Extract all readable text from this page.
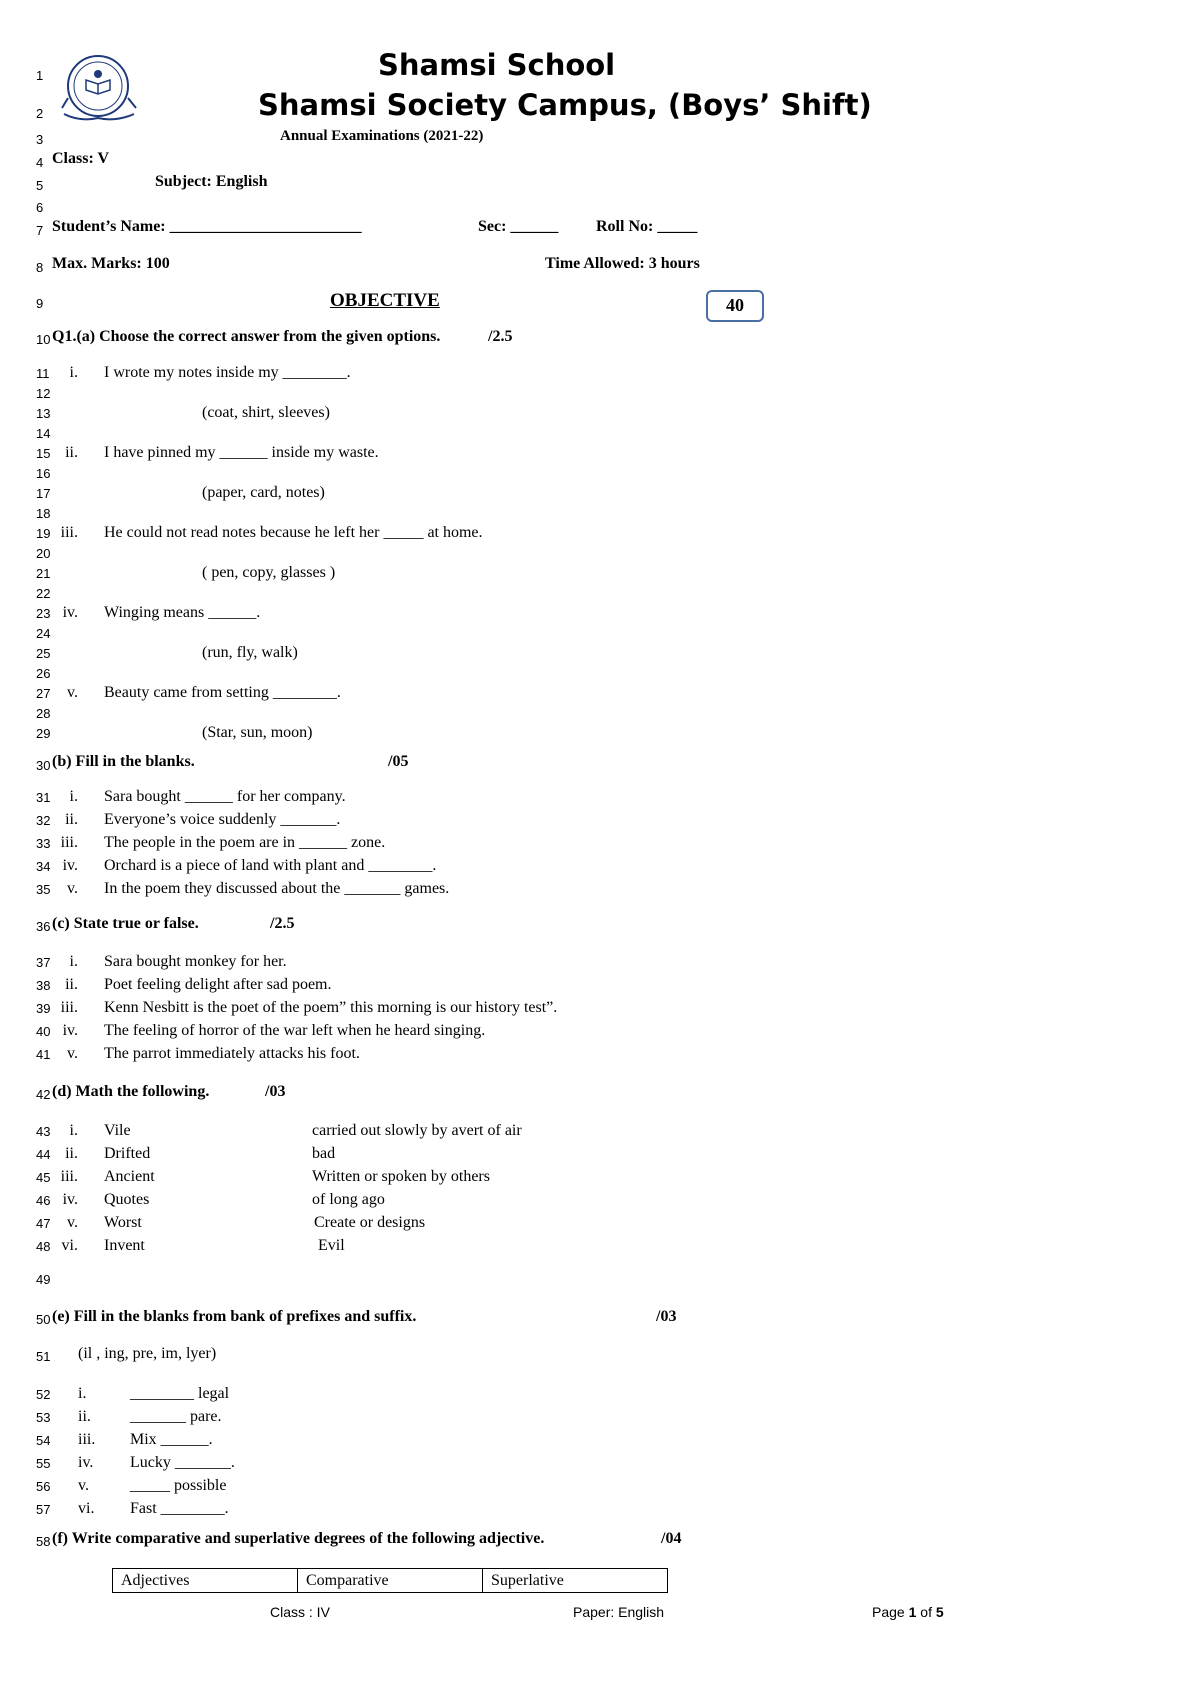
1
2
3
4
5
6
7
8
9
10
11
12
13
14
15
16
17
18
19
20
21
22
23
24
25
26
27
28
29
30
31
32
33
34
35
36
37
38
39
40
41
42
43
44
45
46
47
48
49
50
51
52
53
54
55
56
57
58
Shamsi School
Shamsi Society Campus, (Boys’ Shift)
Annual Examinations (2021-22)
Class: V
Subject: English
Student’s Name: ________________________	Sec: ______ Roll No: _____
Max. Marks: 100	Time Allowed: 3 hours
OBJECTIVE	40
Q1.(a) Choose the correct answer from the given options.	/2.5
i. I wrote my notes inside my ________.
(coat, shirt, sleeves)
ii. I have pinned my ______ inside my waste.
(paper, card, notes)
iii. He could not read notes because he left her _____ at home.
( pen, copy, glasses )
iv. Winging means ______.
(run, fly, walk)
v. Beauty came from setting ________.
(Star, sun, moon)
(b) Fill in the blanks.	/05
i. Sara bought ______ for her company.
ii. Everyone’s voice suddenly _______.
iii. The people in the poem are in ______ zone.
iv. Orchard is a piece of land with plant and ________.
v. In the poem they discussed about the _______ games.
(c) State true or false.	/2.5
i. Sara bought monkey for her.
ii. Poet feeling delight after sad poem.
iii. Kenn Nesbitt is the poet of the poem” this morning is our history test”.
iv. The feeling of horror of the war left when he heard singing.
v. The parrot immediately attacks his foot.
(d) Math the following.	/03
i. Vile	carried out slowly by avert of air
ii. Drifted	bad
iii. Ancient	Written or spoken by others
iv. Quotes	of long ago
v. Worst	Create or designs
vi. Invent	Evil
(e) Fill in the blanks from bank of prefixes and suffix.	/03
(il , ing, pre, im, lyer)
i.	________ legal
ii. _______ pare.
iii. Mix ______.
iv. Lucky _______.
v.	_____ possible
vi. Fast ________.
(f) Write comparative and superlative degrees of the following adjective.	/04
Adjectives	Comparative	Superlative
Class : IV	Paper: English	Page 1 of 5
